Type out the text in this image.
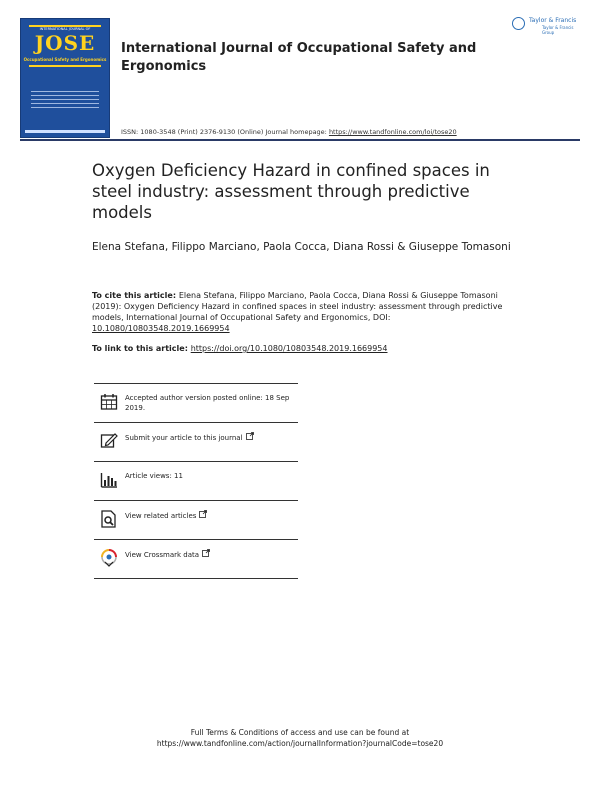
INTERNATIONAL JOURNAL OF
JOSE
Occupational Safety and Ergonomics
International Journal of Occupational Safety and Ergonomics
ISSN: 1080-3548 (Print) 2376-9130 (Online) Journal homepage: https://www.tandfonline.com/loi/tose20
Taylor & Francis
Taylor & Francis Group
Oxygen Deficiency Hazard in confined spaces in steel industry: assessment through predictive models

Elena Stefana, Filippo Marciano, Paola Cocca, Diana Rossi & Giuseppe Tomasoni

To cite this article: Elena Stefana, Filippo Marciano, Paola Cocca, Diana Rossi & Giuseppe Tomasoni (2019): Oxygen Deficiency Hazard in confined spaces in steel industry: assessment through predictive models, International Journal of Occupational Safety and Ergonomics, DOI: 10.1080/10803548.2019.1669954
To link to this article: https://doi.org/10.1080/10803548.2019.1669954
Accepted author version posted online: 18 Sep 2019.
Submit your article to this journal
Article views: 11
View related articles
View Crossmark data
Full Terms & Conditions of access and use can be found at
https://www.tandfonline.com/action/journalInformation?journalCode=tose20
